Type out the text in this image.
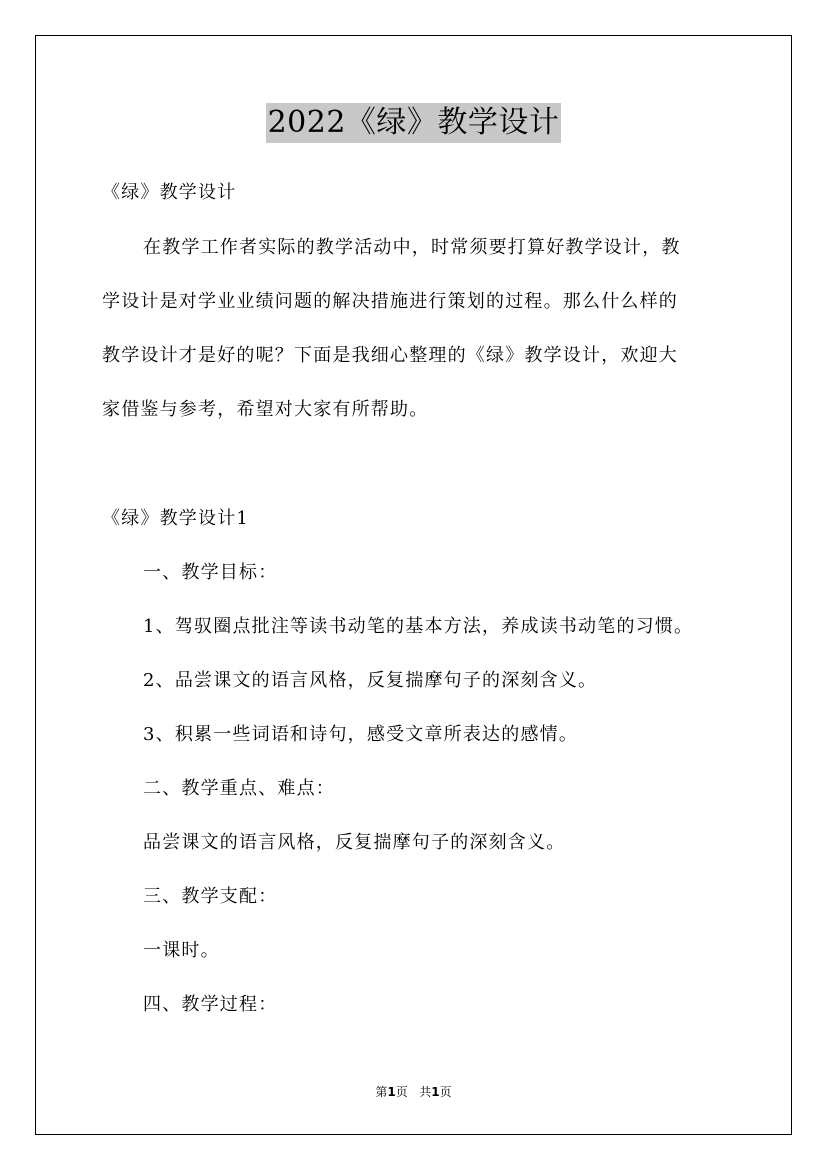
2022《绿》教学设计
《绿》教学设计
在教学工作者实际的教学活动中，时常须要打算好教学设计，教
学设计是对学业业绩问题的解决措施进行策划的过程。那么什么样的
教学设计才是好的呢？下面是我细心整理的《绿》教学设计，欢迎大
家借鉴与参考，希望对大家有所帮助。
《绿》教学设计1
一、教学目标：
1、驾驭圈点批注等读书动笔的基本方法，养成读书动笔的习惯。
2、品尝课文的语言风格，反复揣摩句子的深刻含义。
3、积累一些词语和诗句，感受文章所表达的感情。
二、教学重点、难点：
品尝课文的语言风格，反复揣摩句子的深刻含义。
三、教学支配：
一课时。
四、教学过程：
第1页   共1页
